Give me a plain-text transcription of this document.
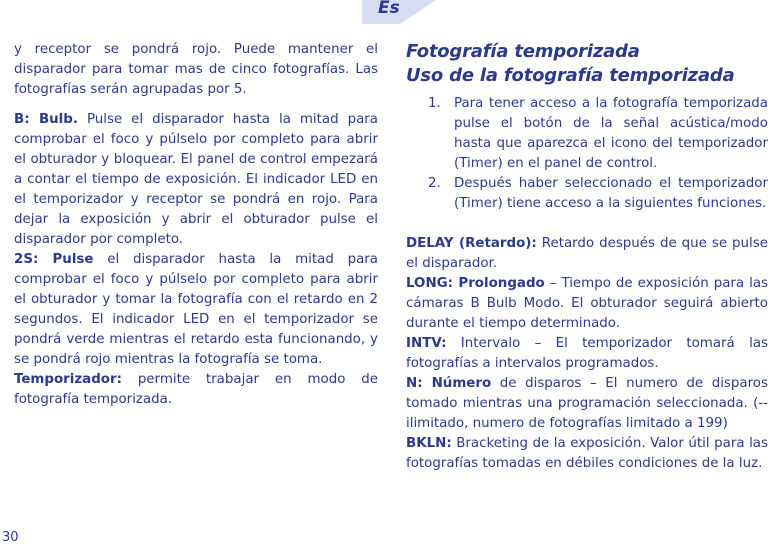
Es

y receptor se pondrá rojo. Puede mantener el disparador para tomar mas de cinco fotografías. Las fotografías serán agrupadas por 5.

B: Bulb. Pulse el disparador hasta la mitad para comprobar el foco y púlselo por completo para abrir el obturador y bloquear. El panel de control empezará a contar el tiempo de exposición. El indicador LED en el temporizador y receptor se pondrá en rojo. Para dejar la exposición y abrir el obturador pulse el disparador por completo.

2S: Pulse el disparador hasta la mitad para comprobar el foco y púlselo por completo para abrir el obturador y tomar la fotografía con el retardo en 2 segundos. El indicador LED en el temporizador se pondrá verde mientras el retardo esta funcionando, y se pondrá rojo mientras la fotografía se toma.

Temporizador: permite trabajar en modo de fotografía temporizada.

Fotografía temporizada

Uso de la fotografía temporizada

1. Para tener acceso a la fotografía temporizada pulse el botón de la señal acústica/modo hasta que aparezca el icono del temporizador (Timer) en el panel de control.
2. Después haber seleccionado el temporizador (Timer) tiene acceso a la siguientes funciones.

DELAY (Retardo): Retardo después de que se pulse el disparador.

LONG: Prolongado – Tiempo de exposición para las cámaras B Bulb Modo. El obturador seguirá abierto durante el tiempo determinado.

INTV: Intervalo – El temporizador tomará las fotografías a intervalos programados.

N: Número de disparos – El numero de disparos tomado mientras una programación seleccionada. (-- ilimitado, numero de fotografías limitado a 199)

BKLN: Bracketing de la exposición. Valor útil para las fotografías tomadas en débiles condiciones de la luz.

30
